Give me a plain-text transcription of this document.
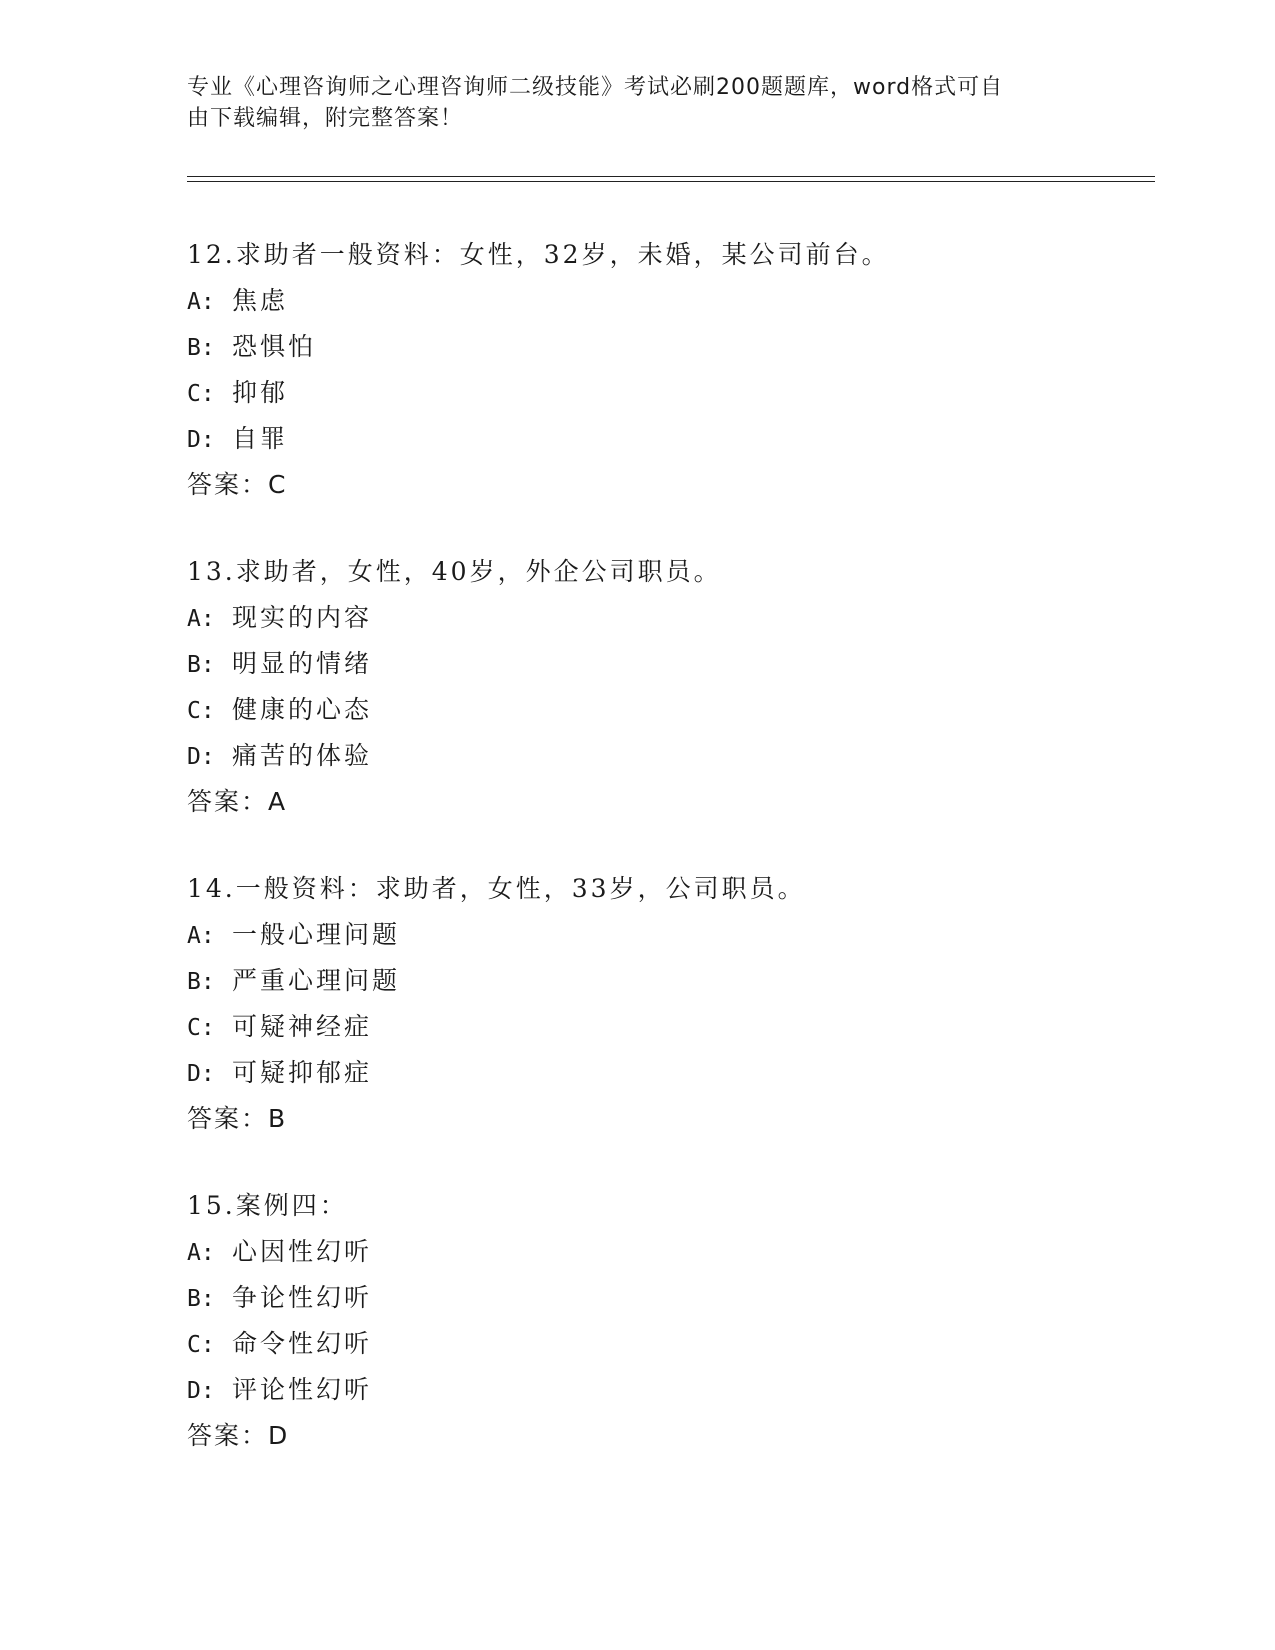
专业《心理咨询师之心理咨询师二级技能》考试必刷200题题库，word格式可自
由下载编辑，附完整答案！
12.求助者一般资料：女性，32岁，未婚，某公司前台。
A: 焦虑
B: 恐惧怕
C: 抑郁
D: 自罪
答案：C
13.求助者，女性，40岁，外企公司职员。
A: 现实的内容
B: 明显的情绪
C: 健康的心态
D: 痛苦的体验
答案：A
14.一般资料：求助者，女性，33岁，公司职员。
A: 一般心理问题
B: 严重心理问题
C: 可疑神经症
D: 可疑抑郁症
答案：B
15.案例四：
A: 心因性幻听
B: 争论性幻听
C: 命令性幻听
D: 评论性幻听
答案：D
